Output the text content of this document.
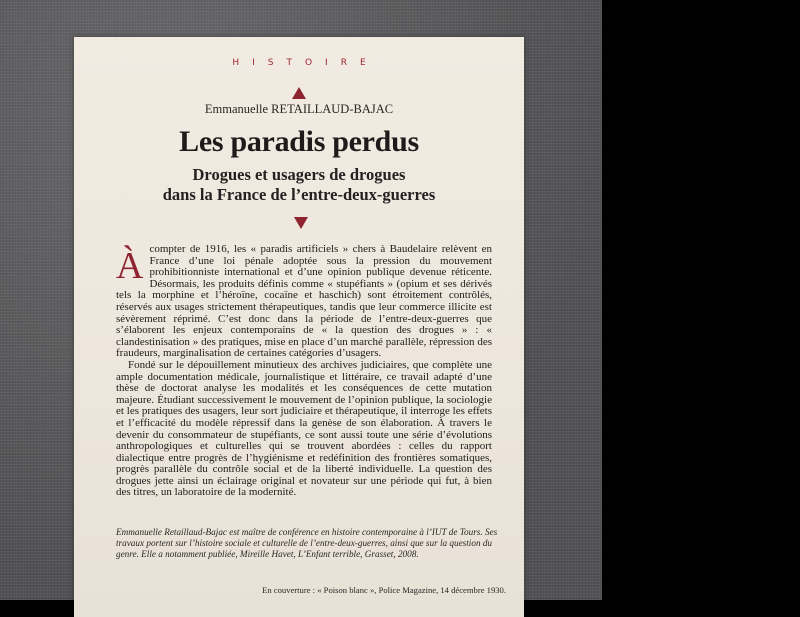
HISTOIRE
Emmanuelle RETAILLAUD-BAJAC
Les paradis perdus
Drogues et usagers de drogues
dans la France de l’entre-deux-guerres
À compter de 1916, les « paradis artificiels » chers à Baudelaire relèvent en France d’une loi pénale adoptée sous la pression du mouvement prohibitionniste international et d’une opinion publique devenue réticente. Désormais, les produits définis comme « stupéfiants » (opium et ses dérivés tels la morphine et l’héroïne, cocaïne et haschich) sont étroitement contrôlés, réservés aux usages strictement thérapeutiques, tandis que leur commerce illicite est sévèrement réprimé. C’est donc dans la période de l’entre-deux-guerres que s’élaborent les enjeux contemporains de « la question des drogues » : « clandestinisation » des pratiques, mise en place d’un marché parallèle, répression des fraudeurs, marginalisation de certaines catégories d’usagers.

Fondé sur le dépouillement minutieux des archives judiciaires, que complète une ample documentation médicale, journalistique et littéraire, ce travail adapté d’une thèse de doctorat analyse les modalités et les conséquences de cette mutation majeure. Étudiant successivement le mouvement de l’opinion publique, la sociologie et les pratiques des usagers, leur sort judiciaire et thérapeutique, il interroge les effets et l’efficacité du modèle répressif dans la genèse de son élaboration. À travers le devenir du consommateur de stupéfiants, ce sont aussi toute une série d’évolutions anthropologiques et culturelles qui se trouvent abordées : celles du rapport dialectique entre progrès de l’hygiénisme et redéfinition des frontières somatiques, progrès parallèle du contrôle social et de la liberté individuelle. La question des drogues jette ainsi un éclairage original et novateur sur une période qui fut, à bien des titres, un laboratoire de la modernité.

Emmanuelle Retaillaud-Bajac est maître de conférence en histoire contemporaine à l’IUT de Tours. Ses travaux portent sur l’histoire sociale et culturelle de l’entre-deux-guerres, ainsi que sur la question du genre. Elle a notamment publiée, Mireille Havet, L’Enfant terrible, Grasset, 2008.
En couverture : « Poison blanc », Police Magazine, 14 décembre 1930.
